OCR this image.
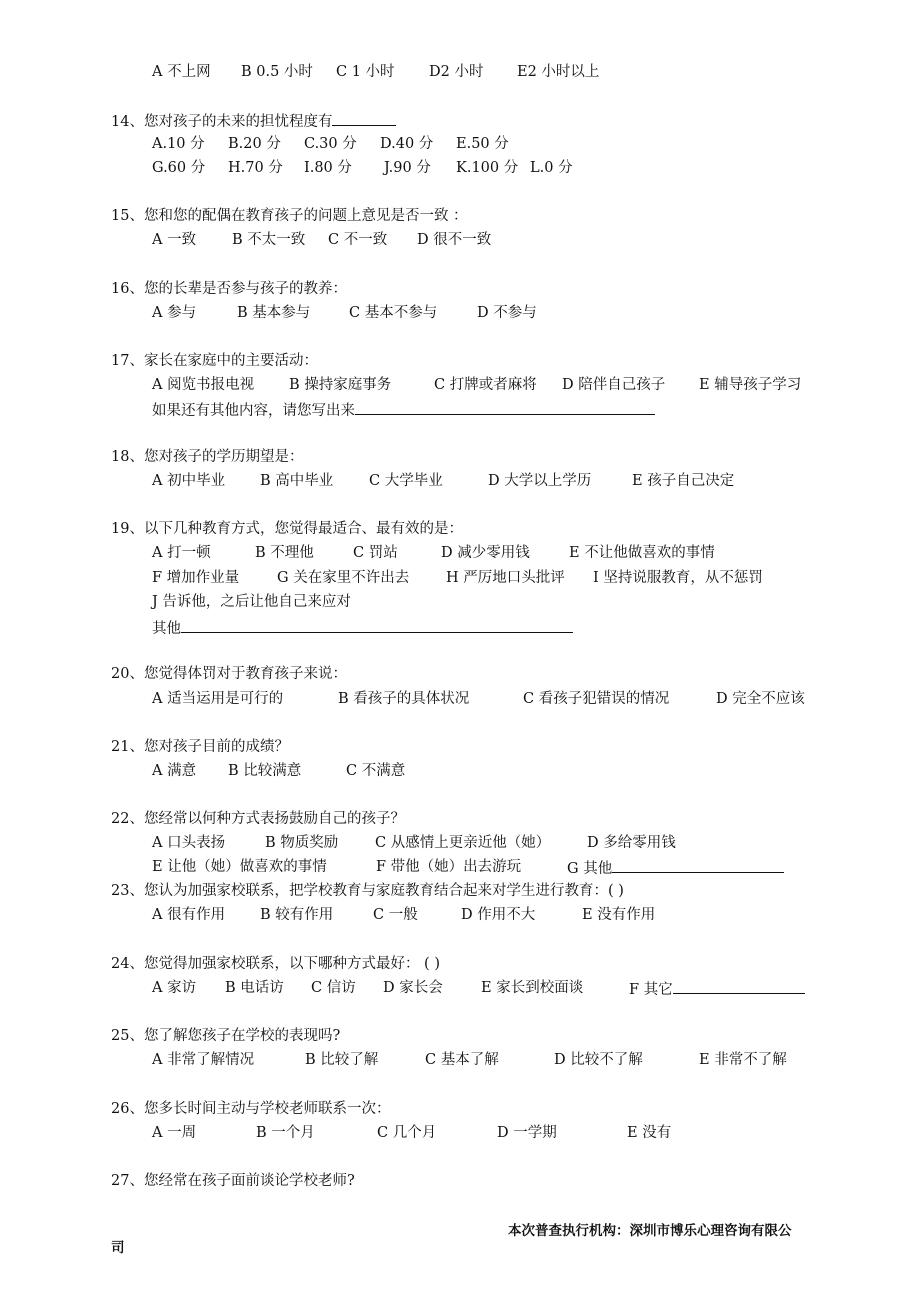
A 不上网 B 0.5 小时 C 1 小时 D2 小时 E2 小时以上
14、您对孩子的未来的担忧程度有
A.10 分 B.20 分 C.30 分 D.40 分 E.50 分
G.60 分 H.70 分 I.80 分 J.90 分 K.100 分 L.0 分
15、您和您的配偶在教育孩子的问题上意见是否一致 ：
A 一致 B 不太一致 C 不一致 D 很不一致
16、您的长辈是否参与孩子的教养：
A 参与	B 基本参与	C 基本不参与	D 不参与
17、家长在家庭中的主要活动：
A 阅览书报电视 B 操持家庭事务	C 打牌或者麻将 D 陪伴自己孩子 E 辅导孩子学习
如果还有其他内容，请您写出来
18、您对孩子的学历期望是：
A 初中毕业 B 高中毕业 C 大学毕业	D 大学以上学历	E 孩子自己决定
19、以下几种教育方式，您觉得最适合、最有效的是：
A 打一顿	B 不理他	C 罚站	D 减少零用钱	E 不让他做喜欢的事情
F 增加作业量	G 关在家里不许出去	H 严厉地口头批评 I 坚持说服教育，从不惩罚
J 告诉他，之后让他自己来应对
其他
20、您觉得体罚对于教育孩子来说：
A 适当运用是可行的	B 看孩子的具体状况	C 看孩子犯错误的情况	D 完全不应该
21、您对孩子目前的成绩？
A 满意 B 比较满意	C 不满意
22、您经常以何种方式表扬鼓励自己的孩子？
A 口头表扬	B 物质奖励	C 从感情上更亲近他（她）	D 多给零用钱
E 让他（她）做喜欢的事情	F 带他（她）出去游玩	G 其他
23、您认为加强家校联系，把学校教育与家庭教育结合起来对学生进行教育：( )
A 很有作用 B 较有作用	C 一般	D 作用不大	E 没有作用
24、您觉得加强家校联系，以下哪种方式最好： ( )
A 家访 B 电话访 C 信访 D 家长会	E 家长到校面谈	F 其它
25、您了解您孩子在学校的表现吗?
A 非常了解情况	B 比较了解	C 基本了解	D 比较不了解	E 非常不了解
26、您多长时间主动与学校老师联系一次：
A 一周	B 一个月	C 几个月	D 一学期	E 没有
27、您经常在孩子面前谈论学校老师?
本次普查执行机构：深圳市博乐心理咨询有限公
司
